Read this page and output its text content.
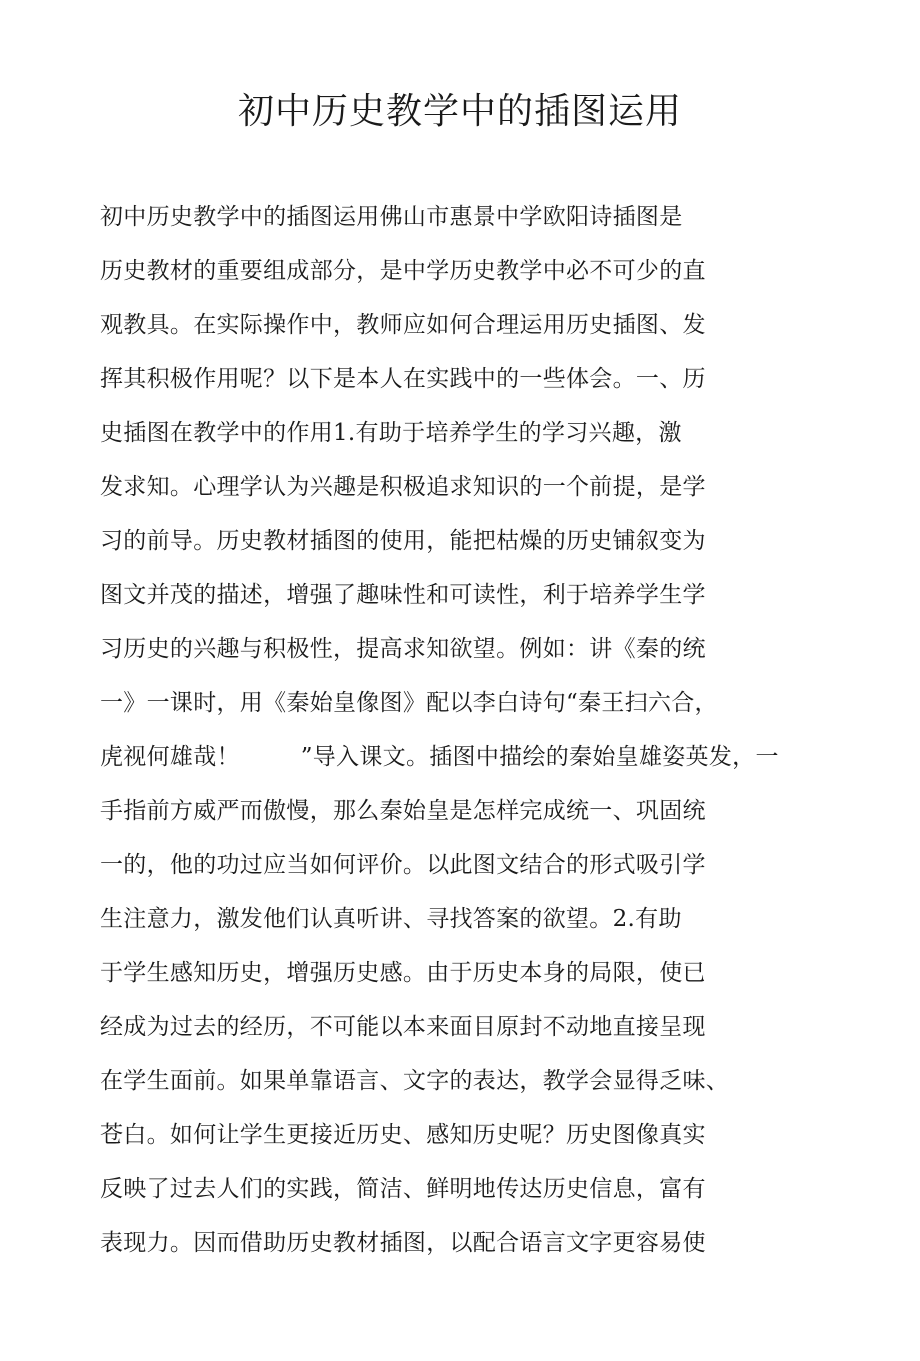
初中历史教学中的插图运用
初中历史教学中的插图运用佛山市惠景中学欧阳诗插图是
历史教材的重要组成部分，是中学历史教学中必不可少的直
观教具。在实际操作中，教师应如何合理运用历史插图、发
挥其积极作用呢？以下是本人在实践中的一些体会。一、历
史插图在教学中的作用1.有助于培养学生的学习兴趣，激
发求知。心理学认为兴趣是积极追求知识的一个前提，是学
习的前导。历史教材插图的使用，能把枯燥的历史铺叙变为
图文并茂的描述，增强了趣味性和可读性，利于培养学生学
习历史的兴趣与积极性，提高求知欲望。例如：讲《秦的统
一》一课时，用《秦始皇像图》配以李白诗句“秦王扫六合，
虎视何雄哉！        ”导入课文。插图中描绘的秦始皇雄姿英发，一
手指前方威严而傲慢，那么秦始皇是怎样完成统一、巩固统
一的，他的功过应当如何评价。以此图文结合的形式吸引学
生注意力，激发他们认真听讲、寻找答案的欲望。2.有助
于学生感知历史，增强历史感。由于历史本身的局限，使已
经成为过去的经历，不可能以本来面目原封不动地直接呈现
在学生面前。如果单靠语言、文字的表达，教学会显得乏味、
苍白。如何让学生更接近历史、感知历史呢？历史图像真实
反映了过去人们的实践，简洁、鲜明地传达历史信息，富有
表现力。因而借助历史教材插图，以配合语言文字更容易使
